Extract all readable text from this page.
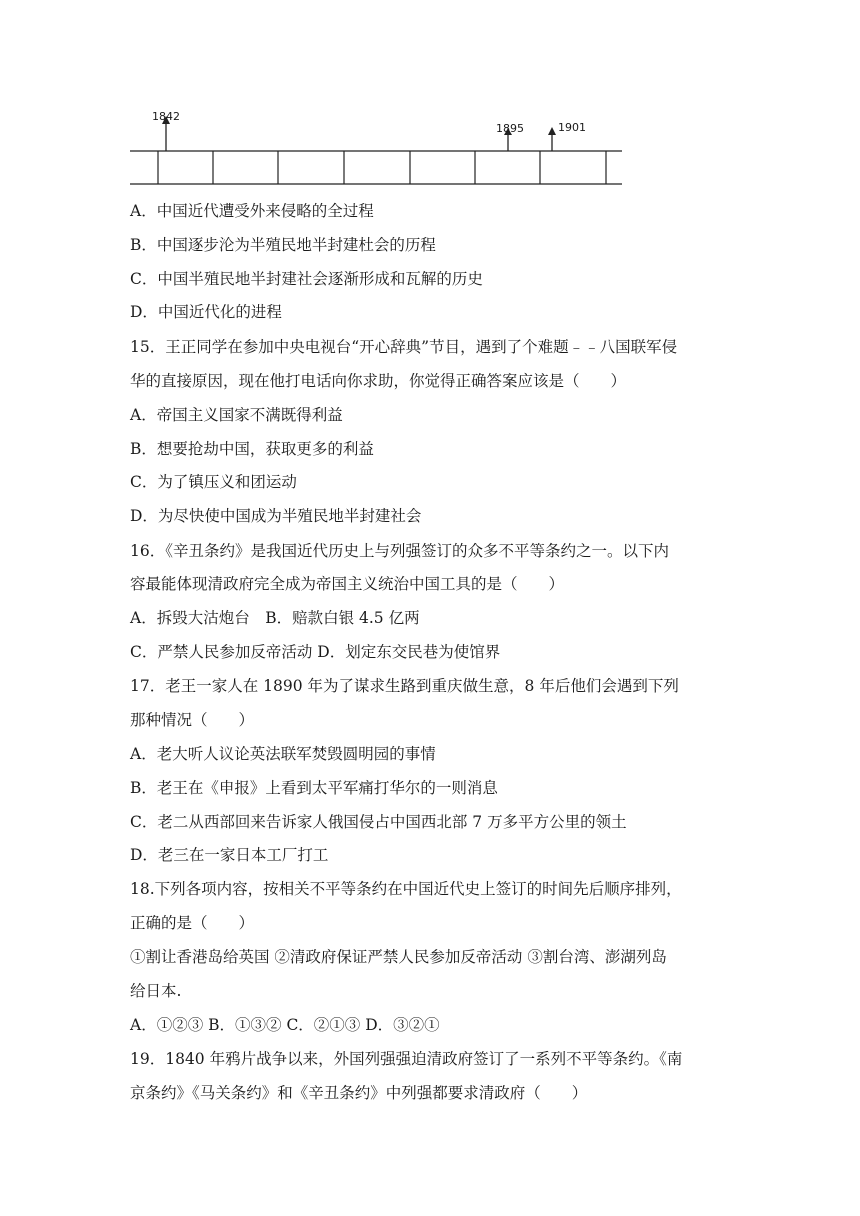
1842
1895	1901
A．中国近代遭受外来侵略的全过程
B．中国逐步沦为半殖民地半封建杜会的历程
C．中国半殖民地半封建社会逐渐形成和瓦解的历史
D．中国近代化的进程
15．王正同学在参加中央电视台“开心辞典”节目，遇到了个难题﹣﹣八国联军侵
华的直接原因，现在他打电话向你求助，你觉得正确答案应该是（　　）
A．帝国主义国家不满既得利益
B．想要抢劫中国，获取更多的利益
C．为了镇压义和团运动
D．为尽快使中国成为半殖民地半封建社会
16．《辛丑条约》是我国近代历史上与列强签订的众多不平等条约之一。以下内
容最能体现清政府完全成为帝国主义统治中国工具的是（　　）
A．拆毁大沽炮台　B．赔款白银 4.5 亿两
C．严禁人民参加反帝活动 D．划定东交民巷为使馆界
17．老王一家人在 1890 年为了谋求生路到重庆做生意，8 年后他们会遇到下列
那种情况（　　）
A．老大听人议论英法联军焚毁圆明园的事情
B．老王在《申报》上看到太平军痛打华尔的一则消息
C．老二从西部回来告诉家人俄国侵占中国西北部 7 万多平方公里的领土
D．老三在一家日本工厂打工
18.下列各项内容，按相关不平等条约在中国近代史上签订的时间先后顺序排列，
正确的是（　　）
①割让香港岛给英国 ②清政府保证严禁人民参加反帝活动 ③割台湾、澎湖列岛
给日本.
A．①②③ B．①③② C．②①③ D．③②①
19．1840 年鸦片战争以来，外国列强强迫清政府签订了一系列不平等条约。《南
京条约》《马关条约》和《辛丑条约》中列强都要求清政府（　　）
